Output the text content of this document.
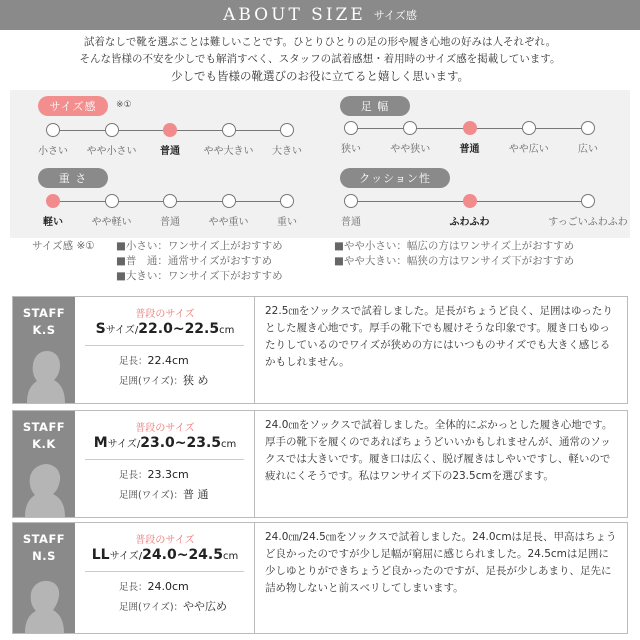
ABOUT SIZE サイズ感
試着なしで靴を選ぶことは難しいことです。ひとりひとりの足の形や履き心地の好みは人それぞれ。
そんな皆様の不安を少しでも解消すべく、スタッフの試着感想・着用時のサイズ感を掲載しています。
少しでも皆様の靴選びのお役に立てると嬉しく思います。
サイズ感	※①	足 幅
重 さ	クッション性
小さい やや小さい 普通 やや大きい 大きい	狭い	やや狭い	普通	やや広い	広い
軽い	やや軽い	普通	やや重い	重い	普通	ふわふわ	すっごいふわふわ
サイズ感 ※① ■小さい：ワンサイズ上がおすすめ
■普　通：通常サイズがおすすめ
■大きい：ワンサイズ下がおすすめ
■やや小さい：幅広の方はワンサイズ上がおすすめ
■やや大きい：幅狭の方はワンサイズ下がおすすめ
STAFF
K.S
普段のサイズ
Sサイズ/22.0~22.5cm
足長：22.4cm
足囲(ワイズ)：狭 め
22.5㎝をソックスで試着しました。足長がちょうど良く、足囲はゆったりとした履き心地です。厚手の靴下でも履けそうな印象です。履き口もゆったりしているのでワイズが狭めの方にはいつものサイズでも大きく感じるかもしれません。
STAFF
K.K
普段のサイズ
Mサイズ/23.0~23.5cm
足長：23.3cm
足囲(ワイズ)：普 通
24.0㎝をソックスで試着しました。全体的にぶかっとした履き心地です。厚手の靴下を履くのであればちょうどいいかもしれませんが、通常のソックスでは大きいです。履き口は広く、脱げ履きはしやいですし、軽いので疲れにくそうです。私はワンサイズ下の23.5cmを選びます。
STAFF
N.S
普段のサイズ
LLサイズ/24.0~24.5cm
足長：24.0cm
足囲(ワイズ)：やや広め
24.0㎝/24.5㎝をソックスで試着しました。24.0cmは足長、甲高はちょうど良かったのですが少し足幅が窮屈に感じられました。24.5cmは足囲に少しゆとりができちょうど良かったのですが、足長が少しあまり、足先に詰め物しないと前スベリしてしまいます。
